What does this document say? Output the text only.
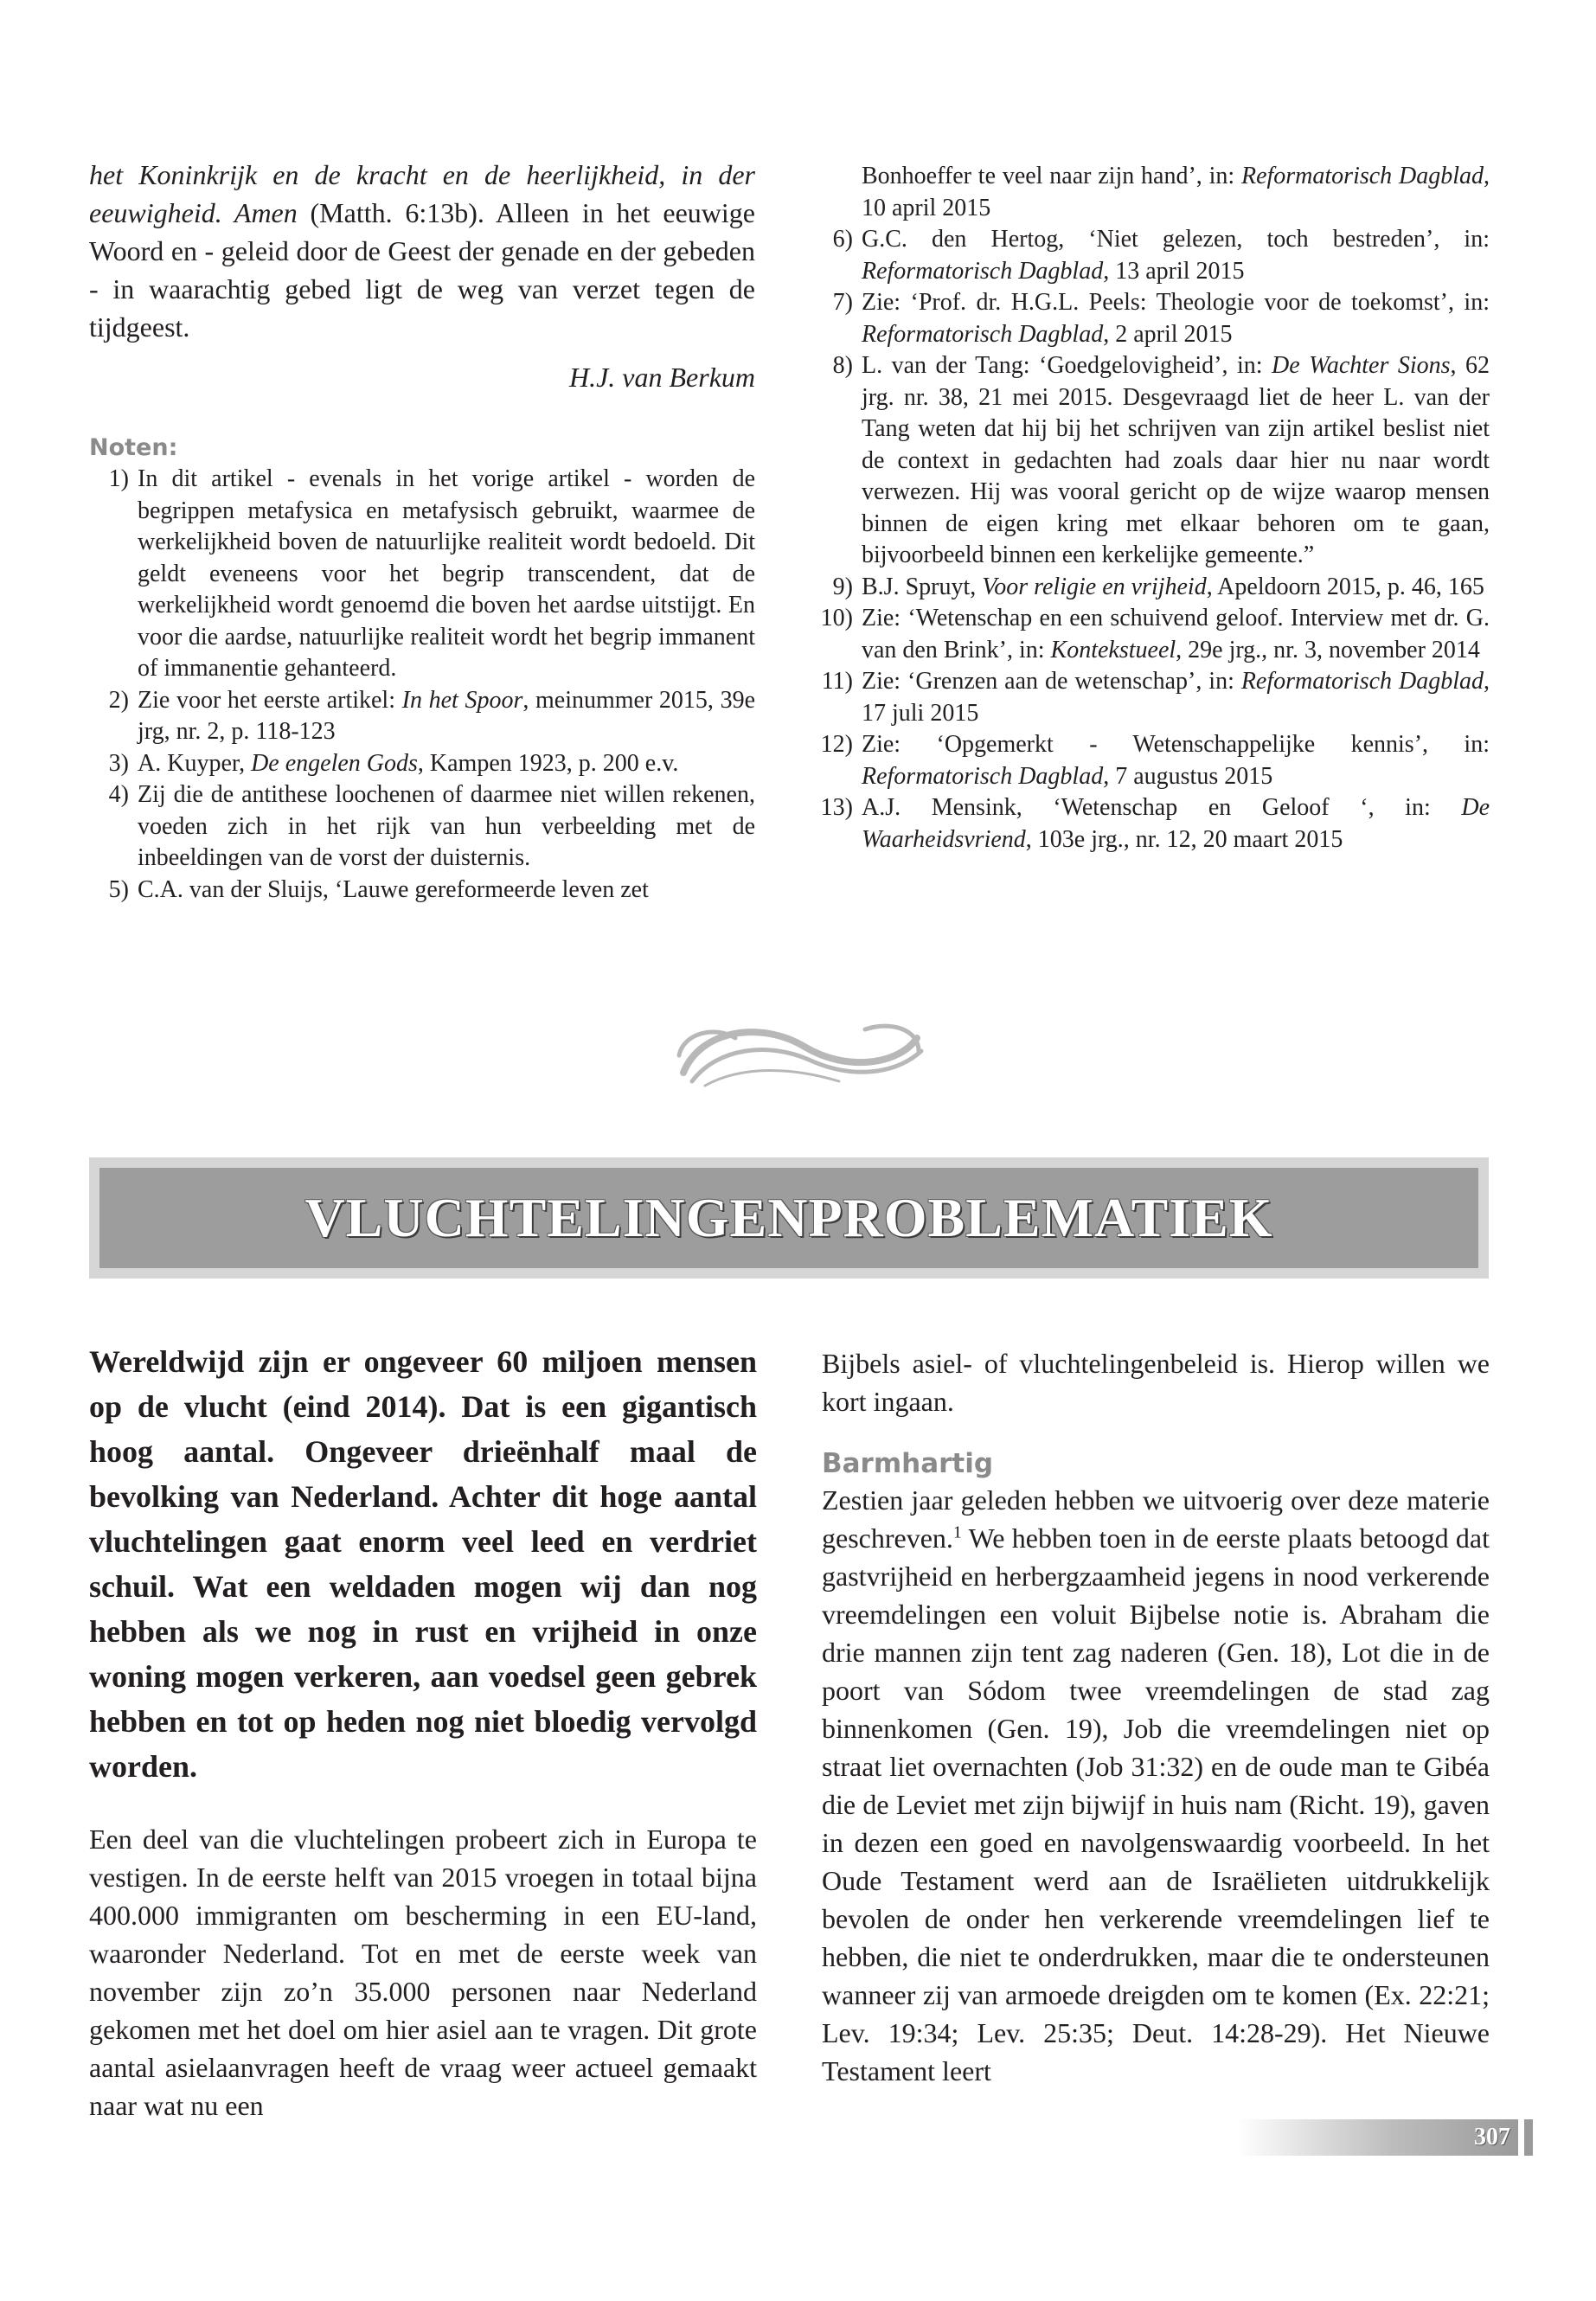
het Koninkrijk en de kracht en de heerlijkheid, in der eeuwigheid. Amen (Matth. 6:13b). Alleen in het eeuwige Woord en - geleid door de Geest der genade en der gebeden - in waarachtig gebed ligt de weg van verzet tegen de tijdgeest.

H.J. van Berkum

Noten:

1) In dit artikel - evenals in het vorige artikel - worden de begrippen metafysica en metafysisch gebruikt, waarmee de werkelijkheid boven de natuurlijke realiteit wordt bedoeld. Dit geldt eveneens voor het begrip transcendent, dat de werkelijkheid wordt genoemd die boven het aardse uitstijgt. En voor die aardse, natuurlijke realiteit wordt het begrip immanent of immanentie gehanteerd.
2) Zie voor het eerste artikel: In het Spoor, meinummer 2015, 39e jrg, nr. 2, p. 118-123
3) A. Kuyper, De engelen Gods, Kampen 1923, p. 200 e.v.
4) Zij die de antithese loochenen of daarmee niet willen rekenen, voeden zich in het rijk van hun verbeelding met de inbeeldingen van de vorst der duisternis.
5) C.A. van der Sluijs, ‘Lauwe gereformeerde leven zet
Bonhoeffer te veel naar zijn hand’, in: Reformatorisch Dagblad, 10 april 2015
6) G.C. den Hertog, ‘Niet gelezen, toch bestreden’, in: Reformatorisch Dagblad, 13 april 2015
7) Zie: ‘Prof. dr. H.G.L. Peels: Theologie voor de toekomst’, in: Reformatorisch Dagblad, 2 april 2015
8) L. van der Tang: ‘Goedgelovigheid’, in: De Wachter Sions, 62 jrg. nr. 38, 21 mei 2015. Desgevraagd liet de heer L. van der Tang weten dat hij bij het schrijven van zijn artikel beslist niet de context in gedachten had zoals daar hier nu naar wordt verwezen. Hij was vooral gericht op de wijze waarop mensen binnen de eigen kring met elkaar behoren om te gaan, bijvoorbeeld binnen een kerkelijke gemeente.”
9) B.J. Spruyt, Voor religie en vrijheid, Apeldoorn 2015, p. 46, 165
10) Zie: ‘Wetenschap en een schuivend geloof. Interview met dr. G. van den Brink’, in: Kontekstueel, 29e jrg., nr. 3, november 2014
11) Zie: ‘Grenzen aan de wetenschap’, in: Reformatorisch Dagblad, 17 juli 2015
12) Zie: ‘Opgemerkt - Wetenschappelijke kennis’, in: Reformatorisch Dagblad, 7 augustus 2015
13) A.J. Mensink, ‘Wetenschap en Geloof ‘, in: De Waarheidsvriend, 103e jrg., nr. 12, 20 maart 2015
VLUCHTELINGENPROBLEMATIEK

Wereldwijd zijn er ongeveer 60 miljoen mensen op de vlucht (eind 2014). Dat is een gigantisch hoog aantal. Ongeveer drieënhalf maal de bevolking van Nederland. Achter dit hoge aantal vluchtelingen gaat enorm veel leed en verdriet schuil. Wat een weldaden mogen wij dan nog hebben als we nog in rust en vrijheid in onze woning mogen verkeren, aan voedsel geen gebrek hebben en tot op heden nog niet bloedig vervolgd worden.

Een deel van die vluchtelingen probeert zich in Europa te vestigen. In de eerste helft van 2015 vroegen in totaal bijna 400.000 immigranten om bescherming in een EU-land, waaronder Nederland. Tot en met de eerste week van november zijn zo’n 35.000 personen naar Nederland gekomen met het doel om hier asiel aan te vragen. Dit grote aantal asielaanvragen heeft de vraag weer actueel gemaakt naar wat nu een

Bijbels asiel- of vluchtelingenbeleid is. Hierop willen we kort ingaan.

Barmhartig

Zestien jaar geleden hebben we uitvoerig over deze materie geschreven.$^1$ We hebben toen in de eerste plaats betoogd dat gastvrijheid en herbergzaamheid jegens in nood verkerende vreemdelingen een voluit Bijbelse notie is. Abraham die drie mannen zijn tent zag naderen (Gen. 18), Lot die in de poort van Sódom twee vreemdelingen de stad zag binnenkomen (Gen. 19), Job die vreemdelingen niet op straat liet overnachten (Job 31:32) en de oude man te Gibéa die de Leviet met zijn bijwijf in huis nam (Richt. 19), gaven in dezen een goed en navolgenswaardig voorbeeld. In het Oude Testament werd aan de Israëlieten uitdrukkelijk bevolen de onder hen verkerende vreemdelingen lief te hebben, die niet te onderdrukken, maar die te ondersteunen wanneer zij van armoede dreigden om te komen (Ex. 22:21; Lev. 19:34; Lev. 25:35; Deut. 14:28-29). Het Nieuwe Testament leert

307
